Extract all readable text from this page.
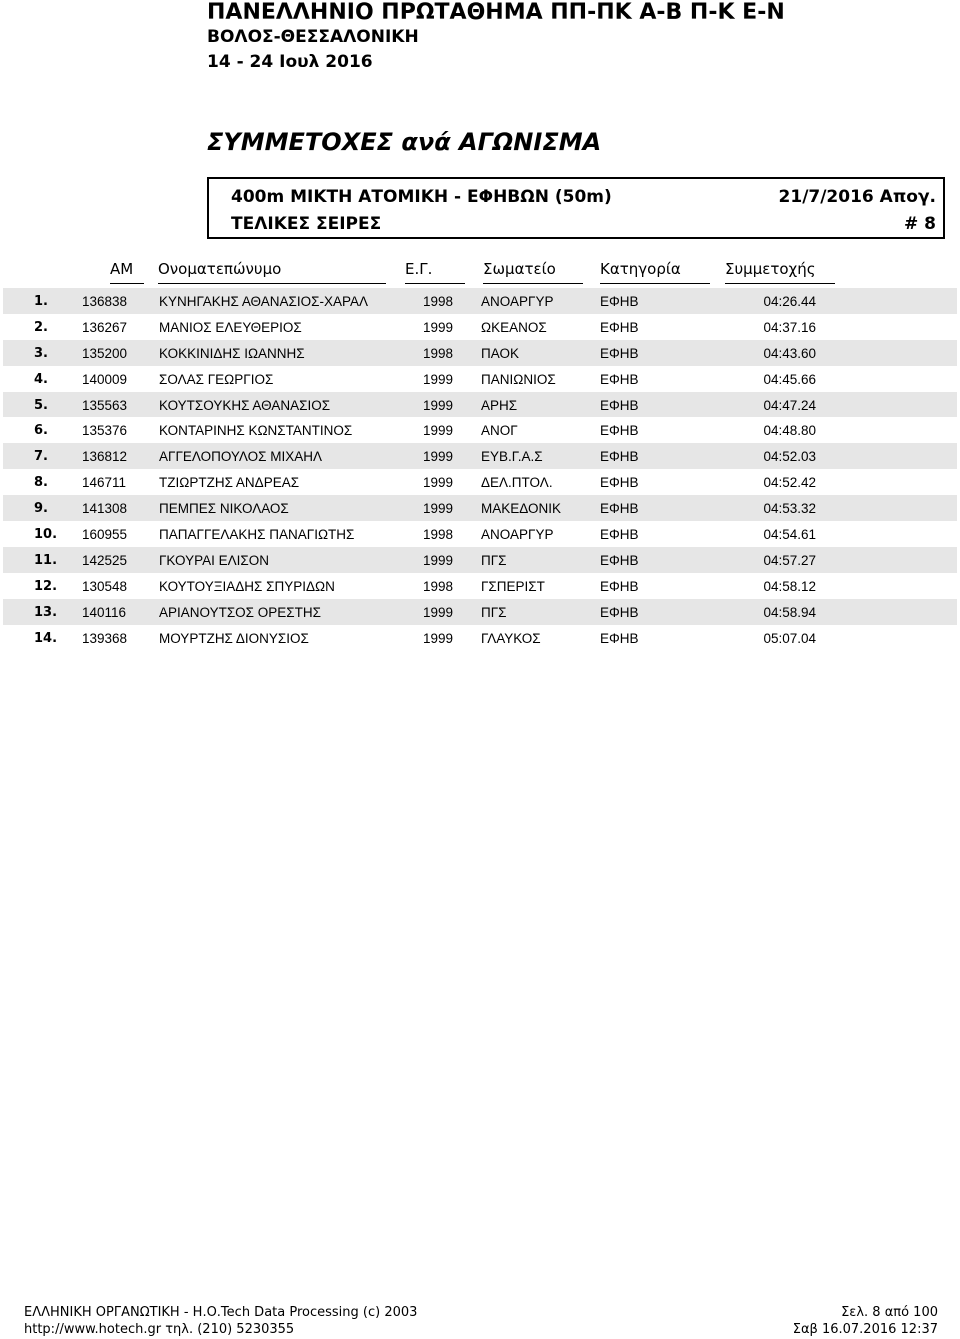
ΠΑΝΕΛΛΗΝΙΟ ΠΡΩΤΑΘΗΜΑ ΠΠ-ΠΚ Α-Β Π-Κ Ε-Ν
ΒΟΛΟΣ-ΘΕΣΣΑΛΟΝΙΚΗ
14 - 24 Ιουλ 2016
ΣΥΜΜΕΤΟΧΕΣ ανά ΑΓΩΝΙΣΜΑ
400m ΜΙΚΤΗ ΑΤΟΜΙΚΗ - ΕΦΗΒΩΝ (50m)	21/7/2016 Απογ.
ΤΕΛΙΚΕΣ ΣΕΙΡΕΣ	# 8
ΑΜ	Ονοματεπώνυμο	Ε.Γ.	Σωματείο	Κατηγορία	Συμμετοχής
1.	136838 ΚΥΝΗΓΑΚΗΣ ΑΘΑΝΑΣΙΟΣ-ΧΑΡΑΛ	1998 ΑΝΟΑΡΓΥΡ	ΕΦΗΒ	04:26.44
2.	136267 ΜΑΝΙΟΣ ΕΛΕΥΘΕΡΙΟΣ	1999 ΩΚΕΑΝΟΣ	ΕΦΗΒ	04:37.16
3.	135200 ΚΟΚΚΙΝΙΔΗΣ ΙΩΑΝΝΗΣ	1998 ΠΑΟΚ	ΕΦΗΒ	04:43.60
4.	140009 ΣΟΛΑΣ ΓΕΩΡΓΙΟΣ	1999 ΠΑΝΙΩΝΙΟΣ	ΕΦΗΒ	04:45.66
5.	135563 ΚΟΥΤΣΟΥΚΗΣ ΑΘΑΝΑΣΙΟΣ	1999 ΑΡΗΣ	ΕΦΗΒ	04:47.24
6.	135376 ΚΟΝΤΑΡΙΝΗΣ ΚΩΝΣΤΑΝΤΙΝΟΣ	1999 ΑΝΟΓ	ΕΦΗΒ	04:48.80
7.	136812 ΑΓΓΕΛΟΠΟΥΛΟΣ ΜΙΧΑΗΛ	1999 ΕΥΒ.Γ.Α.Σ	ΕΦΗΒ	04:52.03
8.	146711 ΤΖΙΩΡΤΖΗΣ ΑΝΔΡΕΑΣ	1999 ΔΕΛ.ΠΤΟΛ.	ΕΦΗΒ	04:52.42
9.	141308 ΠΕΜΠΕΣ ΝΙΚΟΛΑΟΣ	1999 ΜΑΚΕΔΟΝΙΚ	ΕΦΗΒ	04:53.32
10. 160955 ΠΑΠΑΓΓΕΛΑΚΗΣ ΠΑΝΑΓΙΩΤΗΣ	1998 ΑΝΟΑΡΓΥΡ	ΕΦΗΒ	04:54.61
11. 142525 ΓΚΟΥΡΑΙ ΕΛΙΣΟΝ	1999 ΠΓΣ	ΕΦΗΒ	04:57.27
12. 130548 ΚΟΥΤΟΥΞΙΑΔΗΣ ΣΠΥΡΙΔΩΝ	1998 ΓΣΠΕΡΙΣΤ	ΕΦΗΒ	04:58.12
13. 140116 ΑΡΙΑΝΟΥΤΣΟΣ ΟΡΕΣΤΗΣ	1999 ΠΓΣ	ΕΦΗΒ	04:58.94
14. 139368 ΜΟΥΡΤΖΗΣ ΔΙΟΝΥΣΙΟΣ	1999 ΓΛΑΥΚΟΣ	ΕΦΗΒ	05:07.04
ΕΛΛΗΝΙΚΗ ΟΡΓΑΝΩΤΙΚΗ - Η.Ο.Tech Data Processing (c) 2003
http://www.hotech.gr τηλ. (210) 5230355
Σελ. 8 από 100
Σαβ 16.07.2016 12:37
